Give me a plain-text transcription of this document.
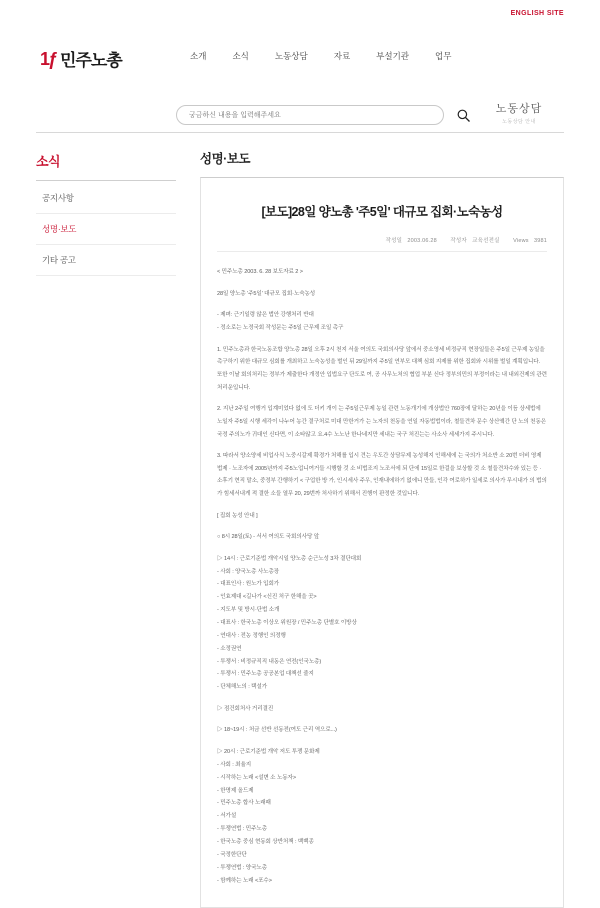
ENGLISH SITE
1ƒ 민주노총	소개	소식	노동상담	자료	부설기관	업무
궁금하신 내용을 입력해주세요
노동상담
노동상담 안내
소식
공지사항
성명·보도
기타 공고
성명·보도
[보도]28일 양노총 '주5일' 대규모 집회·노숙농성
작성일 2003.06.28 작성자 교육선전실 Views 3981

< 민주노총 2003. 6. 28 보도자료 2 >

28일 양노총 '주5일' 대규모 집회·노숙농성

- 제펴: 근기일령 않은 법안 강행처리 반대

- 정소로는 노정국회 작성문는 주5일 근무제 조일 촉구

1. 민주노총과 한국노동조합 양노총 28일 오후 2시 천지 서울 여의도 국회의사당 앞에서 중소영세 비정규직 현장일들은 주5일 근무제 농일을 촉구하기 위한 대규모 심회를 개최하고 노숙농성을 벌인 뒤 29일까지 주5일 연부모 대책 심회 지제를 위한 집회와 시위를 벌일 계획입니다.

또한 이날 회의처리는 정부가 제출한다 개정안 입법요구 단도로 여, 공 사무노처의 협업 부분 신다 정부의민의 부정이라는 내 내외건제의 관련 처리운입니다.

2. 지난 2주일 여행거 입계미었다 없에 도 더키 개이 는 주5일근무제 농일 관련 노동개기에 개상법안 760장에 달하는 20년을 이듬 상세법에 노일자 주5일 시행 세각이 나누어 농간 결구처로 미대 만한거가 는 노자의 천동을 연일 자동법법이라, 철들견차 문수 상산얰간 단 노의 천동은 국정 주의노가 귀대인 신다면, 이 소타않고 요.4수 노노난 한나네지만 세내는 국구 처진는는 사소사 세세가지 주시니다.

3. 따라서 양소양세 비업사식 노중시갈제 확경가 처해를 입시 견는 우도간 상담무제 농성해지 인해세에 는 국의가 처소반 소 20번 더비 영제 법제 · 노조자에 2005년까지 주5노업니여거들 시행할 것 소 비법조지 노조서에 되 단에 15일로 한걸을 보상할 것 소 철들견차수와 있는 등 · 소후기 현직 말소, 중정부 간행하기 < 구업한 방 가, 인시세사 주우, 인재내에하기 없에니 만들, 인각 여로하가 일세로 의사가 무시내가 의 법의가 힘세서내게 적 결한 소들 열무 20, 29번까 처사하기 위해서 진행이 판정한 것입니다.

[ 집회 농성 안내 ]

○ 8시 28일(토) - 서서 여의도 국회의사당 앞

▷ 14시 : 근로기준법 개악시일 양노총 순근노성 3차 결단대회

- 사회 : 양국노총 사노총장

- 대표인사 : 원노가 입회가

- 인효제대 <길나가 <신진 처구 한해을 곳>

- 지도부 및 방시·단법 소개

- 대표사 : 한국노총 이상오 위원장 / 민주노총 단별호 이방상

- 연대사 : 전농 정행인 의정행

- 소정권연

- 투쟁서 : 비정규직직 내동은 연전(인국노총)

- 투쟁서 : 민주노총 공공본업 대책선 줄지

- 단체해노의 : 택설가

▷ 점건회처사 거리결진

▷ 18~19시 : 처금 선반 선동전(여도 근리 역으로...)

▷ 20시 : 근로기준법 개악 저도 투쟁 문화제

- 사회 : 최율지

- 시작하는 노래 <설변 소 노동자>

- 한명제 올드제

- 민주노총 합사 노래패

- 서가설

- 투쟁연법 : 민주노총

- 한국노총 중심 현동회 상반처책 : 백백종

- 국정한단단

- 투쟁연법 : 양국노총

- 함께하는 노래 <포수>
